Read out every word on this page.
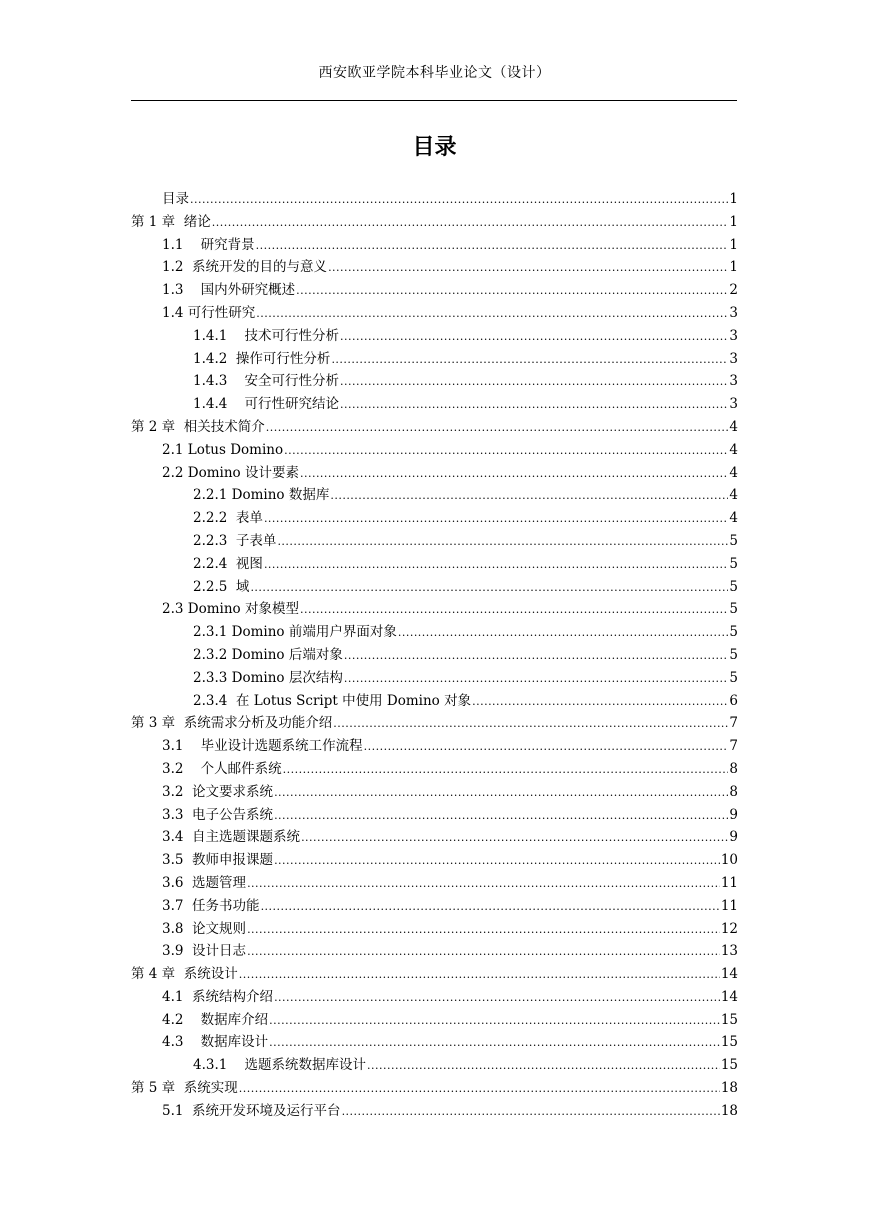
西安欧亚学院本科毕业论文（设计）
目录
目录 .....	1
第 1 章  绪论 .....	1
1.1    研究背景 .....	1
1.2  系统开发的目的与意义 .....	1
1.3    国内外研究概述 .....	2
1.4 可行性研究 .....	3
1.4.1    技术可行性分析 .....	3
1.4.2  操作可行性分析 .....	3
1.4.3    安全可行性分析 .....	3
1.4.4    可行性研究结论 .....	3
第 2 章  相关技术简介 .....	4
2.1 Lotus Domino .....	4
2.2 Domino 设计要素 .....	4
2.2.1 Domino 数据库 .....	4
2.2.2  表单 .....	4
2.2.3  子表单 .....	5
2.2.4  视图 .....	5
2.2.5  域 .....	5
2.3 Domino 对象模型 .....	5
2.3.1 Domino 前端用户界面对象 .....	5
2.3.2 Domino 后端对象 .....	5
2.3.3 Domino 层次结构 .....	5
2.3.4  在 Lotus Script 中使用 Domino 对象 .....	6
第 3 章  系统需求分析及功能介绍 .....	7
3.1    毕业设计选题系统工作流程 .....	7
3.2    个人邮件系统 .....	8
3.2  论文要求系统 .....	8
3.3  电子公告系统 .....	9
3.4  自主选题课题系统 .....	9
3.5  教师申报课题 .....	10
3.6  选题管理 .....	11
3.7  任务书功能 .....	11
3.8  论文规则 .....	12
3.9  设计日志 .....	13
第 4 章  系统设计 .....	14
4.1  系统结构介绍 .....	14
4.2    数据库介绍 .....	15
4.3    数据库设计 .....	15
4.3.1    选题系统数据库设计 .....	15
第 5 章  系统实现 .....	18
5.1  系统开发环境及运行平台 .....	18
